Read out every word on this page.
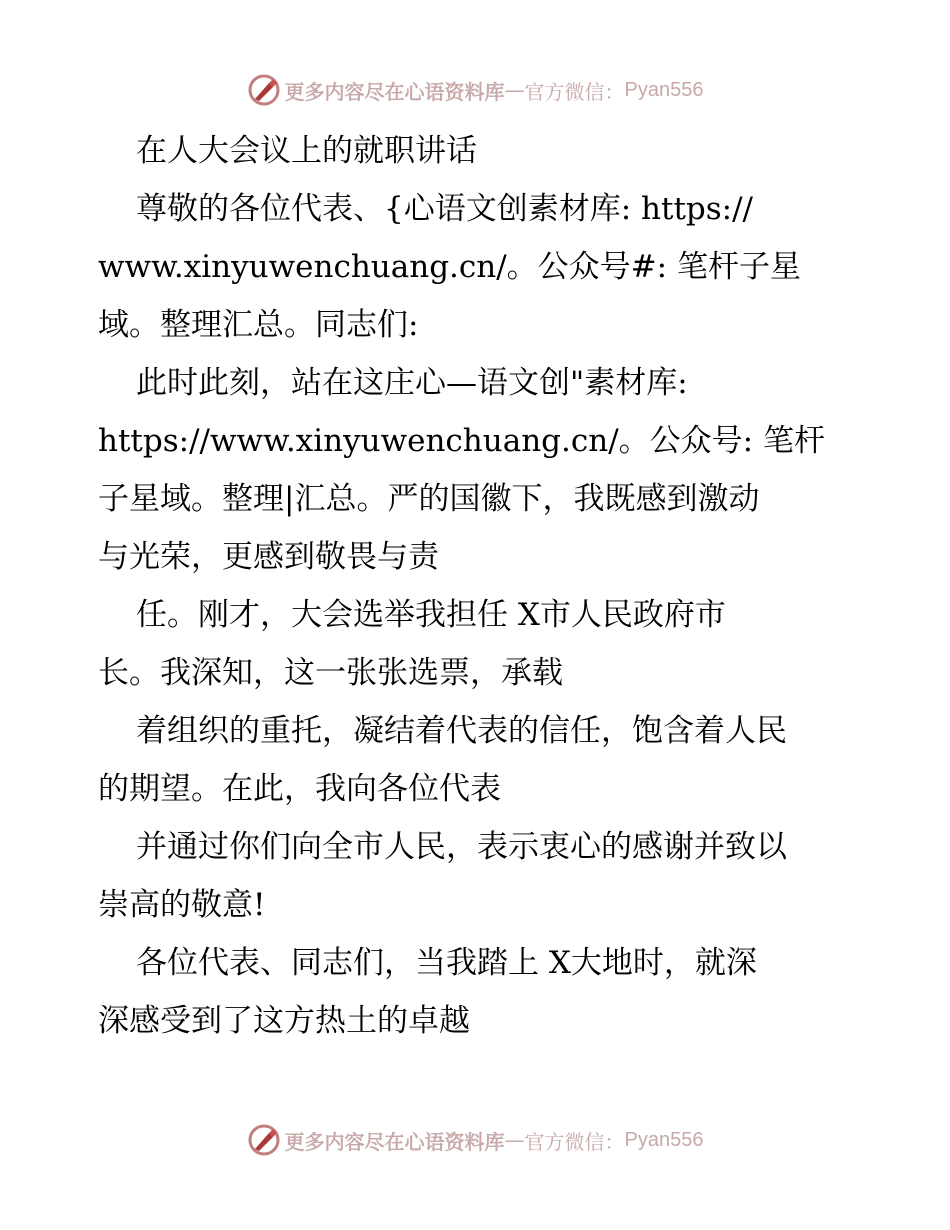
更多内容尽在心语资料库 — 官方微信： Pyan556
在人大会议上的就职讲话
尊敬的各位代表、{心语文创素材库: https://
www.xinyuwenchuang.cn/。公众号#: 笔杆子星
域。整理汇总。同志们:
此时此刻，站在这庄心—语文创"素材库:
https://www.xinyuwenchuang.cn/。公众号: 笔杆
子星域。整理|汇总。严的国徽下，我既感到激动
与光荣，更感到敬畏与责
任。刚才，大会选举我担任 X市人民政府市
长。我深知，这一张张选票，承载
着组织的重托，凝结着代表的信任，饱含着人民
的期望。在此，我向各位代表
并通过你们向全市人民，表示衷心的感谢并致以
崇高的敬意!
各位代表、同志们，当我踏上 X大地时，就深
深感受到了这方热土的卓越
更多内容尽在心语资料库 — 官方微信： Pyan556
